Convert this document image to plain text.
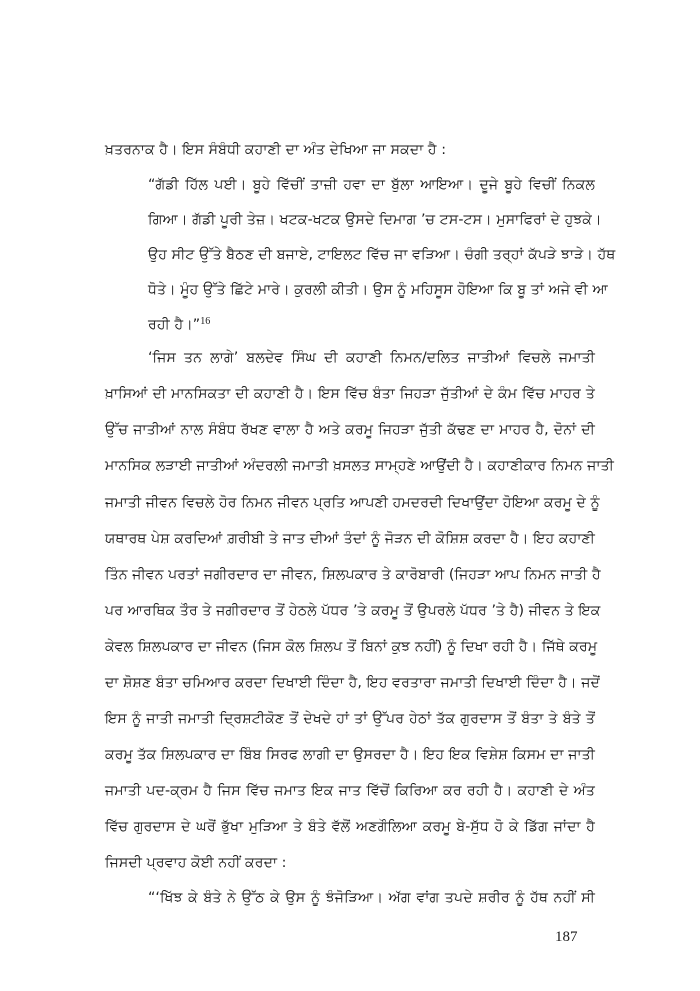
ਖ਼ਤਰਨਾਕ ਹੈ। ਇਸ ਸੰਬੰਧੀ ਕਹਾਣੀ ਦਾ ਅੰਤ ਦੇਖਿਆ ਜਾ ਸਕਦਾ ਹੈ :
“ਗੱਡੀ ਹਿੱਲ ਪਈ। ਬੂਹੇ ਵਿੱਚੀਂ ਤਾਜ਼ੀ ਹਵਾ ਦਾ ਬੁੱਲਾ ਆਇਆ। ਦੂਜੇ ਬੂਹੇ ਵਿਚੀਂ ਨਿਕਲ
ਗਿਆ। ਗੱਡੀ ਪੂਰੀ ਤੇਜ਼। ਖਟਕ-ਖਟਕ ਉਸਦੇ ਦਿਮਾਗ ’ਚ ਟਸ-ਟਸ। ਮੁਸਾਫਿਰਾਂ ਦੇ ਹੁਝਕੇ।
ਉਹ ਸੀਟ ਉੱਤੇ ਬੈਠਣ ਦੀ ਬਜਾਏ, ਟਾਇਲਟ ਵਿੱਚ ਜਾ ਵੜਿਆ। ਚੰਗੀ ਤਰ੍ਹਾਂ ਕੱਪੜੇ ਝਾੜੇ। ਹੱਥ
ਧੋਤੇ। ਮੂੰਹ ਉੱਤੇ ਛਿੱਟੇ ਮਾਰੇ। ਕੁਰਲੀ ਕੀਤੀ। ਉਸ ਨੂੰ ਮਹਿਸੂਸ ਹੋਇਆ ਕਿ ਬੂ ਤਾਂ ਅਜੇ ਵੀ ਆ
ਰਹੀ ਹੈ।”$^{16}$
‘ਜਿਸ ਤਨ ਲਾਗੇ’ ਬਲਦੇਵ ਸਿੰਘ ਦੀ ਕਹਾਣੀ ਨਿਮਨ/ਦਲਿਤ ਜਾਤੀਆਂ ਵਿਚਲੇ ਜਮਾਤੀ
ਖ਼ਾਸਿਆਂ ਦੀ ਮਾਨਸਿਕਤਾ ਦੀ ਕਹਾਣੀ ਹੈ। ਇਸ ਵਿੱਚ ਬੰਤਾ ਜਿਹੜਾ ਜੁੱਤੀਆਂ ਦੇ ਕੰਮ ਵਿੱਚ ਮਾਹਰ ਤੇ
ਉੱਚ ਜਾਤੀਆਂ ਨਾਲ ਸੰਬੰਧ ਰੱਖਣ ਵਾਲਾ ਹੈ ਅਤੇ ਕਰਮੂ ਜਿਹੜਾ ਜੁੱਤੀ ਕੱਢਣ ਦਾ ਮਾਹਰ ਹੈ, ਦੋਨਾਂ ਦੀ
ਮਾਨਸਿਕ ਲੜਾਈ ਜਾਤੀਆਂ ਅੰਦਰਲੀ ਜਮਾਤੀ ਖ਼ਸਲਤ ਸਾਮ੍ਹਣੇ ਆਉਂਦੀ ਹੈ। ਕਹਾਣੀਕਾਰ ਨਿਮਨ ਜਾਤੀ
ਜਮਾਤੀ ਜੀਵਨ ਵਿਚਲੇ ਹੋਰ ਨਿਮਨ ਜੀਵਨ ਪ੍ਰਤਿ ਆਪਣੀ ਹਮਦਰਦੀ ਦਿਖਾਉਂਦਾ ਹੋਇਆ ਕਰਮੂ ਦੇ ਨੂੰ
ਯਥਾਰਥ ਪੇਸ਼ ਕਰਦਿਆਂ ਗ਼ਰੀਬੀ ਤੇ ਜਾਤ ਦੀਆਂ ਤੰਦਾਂ ਨੂੰ ਜੋੜਨ ਦੀ ਕੋਸ਼ਿਸ਼ ਕਰਦਾ ਹੈ। ਇਹ ਕਹਾਣੀ
ਤਿੰਨ ਜੀਵਨ ਪਰਤਾਂ ਜਗੀਰਦਾਰ ਦਾ ਜੀਵਨ, ਸ਼ਿਲਪਕਾਰ ਤੇ ਕਾਰੋਬਾਰੀ (ਜਿਹੜਾ ਆਪ ਨਿਮਨ ਜਾਤੀ ਹੈ
ਪਰ ਆਰਥਿਕ ਤੌਰ ਤੇ ਜਗੀਰਦਾਰ ਤੋਂ ਹੇਠਲੇ ਪੱਧਰ ’ਤੇ ਕਰਮੂ ਤੋਂ ਉਪਰਲੇ ਪੱਧਰ ’ਤੇ ਹੈ) ਜੀਵਨ ਤੇ ਇਕ
ਕੇਵਲ ਸ਼ਿਲਪਕਾਰ ਦਾ ਜੀਵਨ (ਜਿਸ ਕੋਲ ਸ਼ਿਲਪ ਤੋਂ ਬਿਨਾਂ ਕੁਝ ਨਹੀਂ) ਨੂੰ ਦਿਖਾ ਰਹੀ ਹੈ। ਜਿੱਥੇ ਕਰਮੂ
ਦਾ ਸ਼ੋਸ਼ਣ ਬੰਤਾ ਚਮਿਆਰ ਕਰਦਾ ਦਿਖਾਈ ਦਿੰਦਾ ਹੈ, ਇਹ ਵਰਤਾਰਾ ਜਮਾਤੀ ਦਿਖਾਈ ਦਿੰਦਾ ਹੈ। ਜਦੋਂ
ਇਸ ਨੂੰ ਜਾਤੀ ਜਮਾਤੀ ਦ੍ਰਿਸ਼ਟੀਕੋਣ ਤੋਂ ਦੇਖਦੇ ਹਾਂ ਤਾਂ ਉੱਪਰ ਹੇਠਾਂ ਤੱਕ ਗੁਰਦਾਸ ਤੋਂ ਬੰਤਾ ਤੇ ਬੰਤੇ ਤੋਂ
ਕਰਮੂ ਤੱਕ ਸ਼ਿਲਪਕਾਰ ਦਾ ਬਿੰਬ ਸਿਰਫ ਲਾਗੀ ਦਾ ਉਸਰਦਾ ਹੈ। ਇਹ ਇਕ ਵਿਸ਼ੇਸ਼ ਕਿਸਮ ਦਾ ਜਾਤੀ
ਜਮਾਤੀ ਪਦ-ਕ੍ਰਮ ਹੈ ਜਿਸ ਵਿੱਚ ਜਮਾਤ ਇਕ ਜਾਤ ਵਿੱਚੋਂ ਕਿਰਿਆ ਕਰ ਰਹੀ ਹੈ। ਕਹਾਣੀ ਦੇ ਅੰਤ
ਵਿੱਚ ਗੁਰਦਾਸ ਦੇ ਘਰੋਂ ਭੁੱਖਾ ਮੁੜਿਆ ਤੇ ਬੰਤੇ ਵੱਲੋਂ ਅਣਗੌਲਿਆ ਕਰਮੂ ਬੇ-ਸੁੱਧ ਹੋ ਕੇ ਡਿੱਗ ਜਾਂਦਾ ਹੈ
ਜਿਸਦੀ ਪ੍ਰਵਾਹ ਕੋਈ ਨਹੀਂ ਕਰਦਾ :
“‘ਖਿੱਝ ਕੇ ਬੰਤੇ ਨੇ ਉੱਠ ਕੇ ਉਸ ਨੂੰ ਝੰਜੋੜਿਆ। ਅੱਗ ਵਾਂਗ ਤਪਦੇ ਸ਼ਰੀਰ ਨੂੰ ਹੱਥ ਨਹੀਂ ਸੀ
187
